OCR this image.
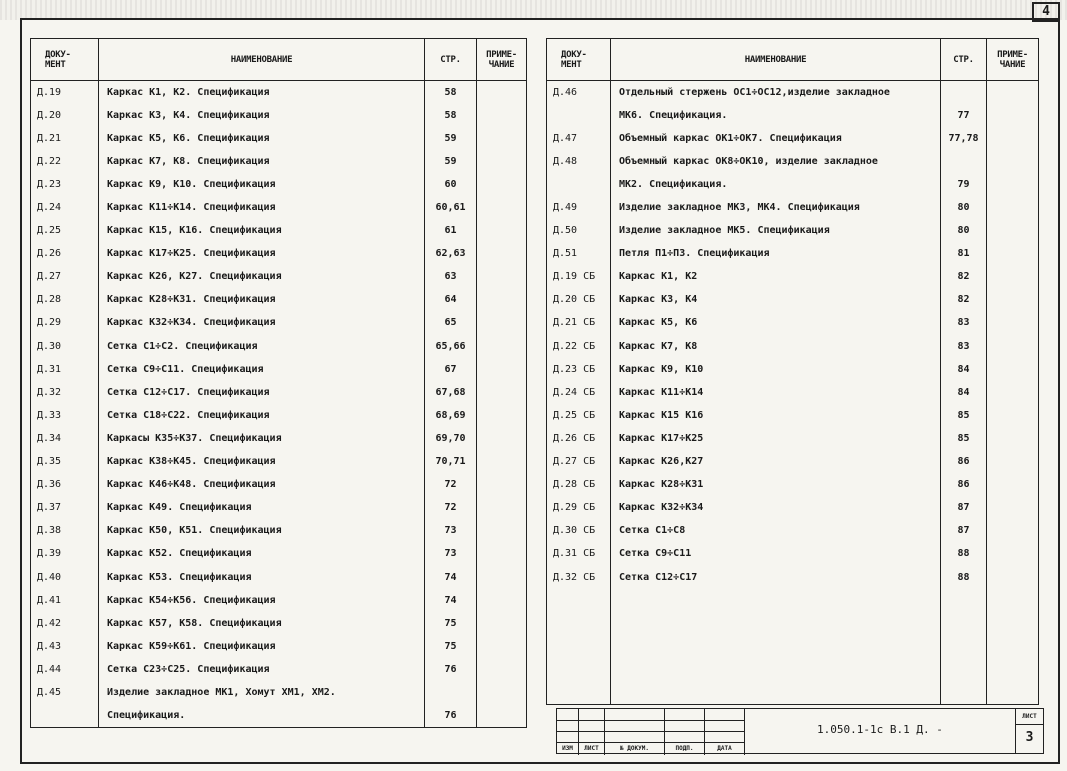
4
ДОКУ-
МЕНТ	НАИМЕНОВАНИЕ	СТР.	ПРИМЕ-
ЧАНИЕ
Д.19	Каркас К1, К2. Спецификация	58	
Д.20	Каркас К3, К4. Спецификация	58	
Д.21	Каркас К5, К6. Спецификация	59	
Д.22	Каркас К7, К8. Спецификация	59	
Д.23	Каркас К9, К10. Спецификация	60	
Д.24	Каркас К11÷К14. Спецификация	60,61	
Д.25	Каркас К15, К16. Спецификация	61	
Д.26	Каркас К17÷К25. Спецификация	62,63	
Д.27	Каркас К26, К27. Спецификация	63	
Д.28	Каркас К28÷К31. Спецификация	64	
Д.29	Каркас К32÷К34. Спецификация	65	
Д.30	Сетка С1÷С2. Спецификация	65,66	
Д.31	Сетка С9÷С11. Спецификация	67	
Д.32	Сетка С12÷С17. Спецификация	67,68	
Д.33	Сетка С18÷С22. Спецификация	68,69	
Д.34	Каркасы К35÷К37. Спецификация	69,70	
Д.35	Каркас К38÷К45. Спецификация	70,71	
Д.36	Каркас К46÷К48. Спецификация	72	
Д.37	Каркас К49. Спецификация	72	
Д.38	Каркас К50, К51. Спецификация	73	
Д.39	Каркас К52. Спецификация	73	
Д.40	Каркас К53. Спецификация	74	
Д.41	Каркас К54÷К56. Спецификация	74	
Д.42	Каркас К57, К58. Спецификация	75	
Д.43	Каркас К59÷К61. Спецификация	75	
Д.44	Сетка С23÷С25. Спецификация	76	
Д.45	Изделие закладное МК1, Хомут ХМ1, ХМ2.		
	Спецификация.	76	
ДОКУ-
МЕНТ	НАИМЕНОВАНИЕ	СТР.	ПРИМЕ-
ЧАНИЕ
Д.46	Отдельный стержень ОС1÷ОС12,изделие закладное		
	МК6. Спецификация.	77	
Д.47	Объемный каркас ОК1÷ОК7. Спецификация	77,78	
Д.48	Объемный каркас ОК8÷ОК10, изделие закладное		
	МК2. Спецификация.	79	
Д.49	Изделие закладное МК3, МК4. Спецификация	80	
Д.50	Изделие закладное МК5. Спецификация	80	
Д.51	Петля П1÷П3. Спецификация	81	
Д.19 СБ	Каркас К1, К2	82	
Д.20 СБ	Каркас К3, К4	82	
Д.21 СБ	Каркас К5, К6	83	
Д.22 СБ	Каркас К7, К8	83	
Д.23 СБ	Каркас К9, К10	84	
Д.24 СБ	Каркас К11÷К14	84	
Д.25 СБ	Каркас К15 К16	85	
Д.26 СБ	Каркас К17÷К25	85	
Д.27 СБ	Каркас К26,К27	86	
Д.28 СБ	Каркас К28÷К31	86	
Д.29 СБ	Каркас К32÷К34	87	
Д.30 СБ	Сетка С1÷С8	87	
Д.31 СБ	Сетка С9÷С11	88	
Д.32 СБ	Сетка С12÷С17	88	

ИЗМ	ЛИСТ	№ ДОКУМ.	ПОДП.	ДАТА
1.050.1-1с В.1 Д. -
ЛИСТ
3
